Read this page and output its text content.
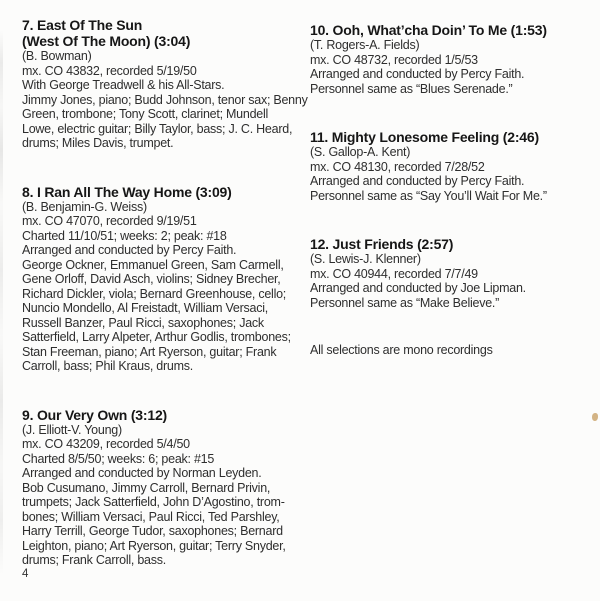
7. East Of The Sun
(West Of The Moon) (3:04)
(B. Bowman)
mx. CO 43832, recorded 5/19/50
With George Treadwell & his All-Stars.
Jimmy Jones, piano; Budd Johnson, tenor sax; Benny
Green, trombone; Tony Scott, clarinet; Mundell
Lowe, electric guitar; Billy Taylor, bass; J. C. Heard,
drums; Miles Davis, trumpet.
8. I Ran All The Way Home (3:09)
(B. Benjamin-G. Weiss)
mx. CO 47070, recorded 9/19/51
Charted 11/10/51; weeks: 2; peak: #18
Arranged and conducted by Percy Faith.
George Ockner, Emmanuel Green, Sam Carmell,
Gene Orloff, David Asch, violins; Sidney Brecher,
Richard Dickler, viola; Bernard Greenhouse, cello;
Nuncio Mondello, Al Freistadt, William Versaci,
Russell Banzer, Paul Ricci, saxophones; Jack
Satterfield, Larry Alpeter, Arthur Godlis, trombones;
Stan Freeman, piano; Art Ryerson, guitar; Frank
Carroll, bass; Phil Kraus, drums.
9. Our Very Own (3:12)
(J. Elliott-V. Young)
mx. CO 43209, recorded 5/4/50
Charted 8/5/50; weeks: 6; peak: #15
Arranged and conducted by Norman Leyden.
Bob Cusumano, Jimmy Carroll, Bernard Privin,
trumpets; Jack Satterfield, John D’Agostino, trom-
bones; William Versaci, Paul Ricci, Ted Parshley,
Harry Terrill, George Tudor, saxophones; Bernard
Leighton, piano; Art Ryerson, guitar; Terry Snyder,
drums; Frank Carroll, bass.
10. Ooh, What’cha Doin’ To Me (1:53)
(T. Rogers-A. Fields)
mx. CO 48732, recorded 1/5/53
Arranged and conducted by Percy Faith.
Personnel same as “Blues Serenade.”
11. Mighty Lonesome Feeling (2:46)
(S. Gallop-A. Kent)
mx. CO 48130, recorded 7/28/52
Arranged and conducted by Percy Faith.
Personnel same as “Say You’ll Wait For Me.”
12. Just Friends (2:57)
(S. Lewis-J. Klenner)
mx. CO 40944, recorded 7/7/49
Arranged and conducted by Joe Lipman.
Personnel same as “Make Believe.”
All selections are mono recordings
4
